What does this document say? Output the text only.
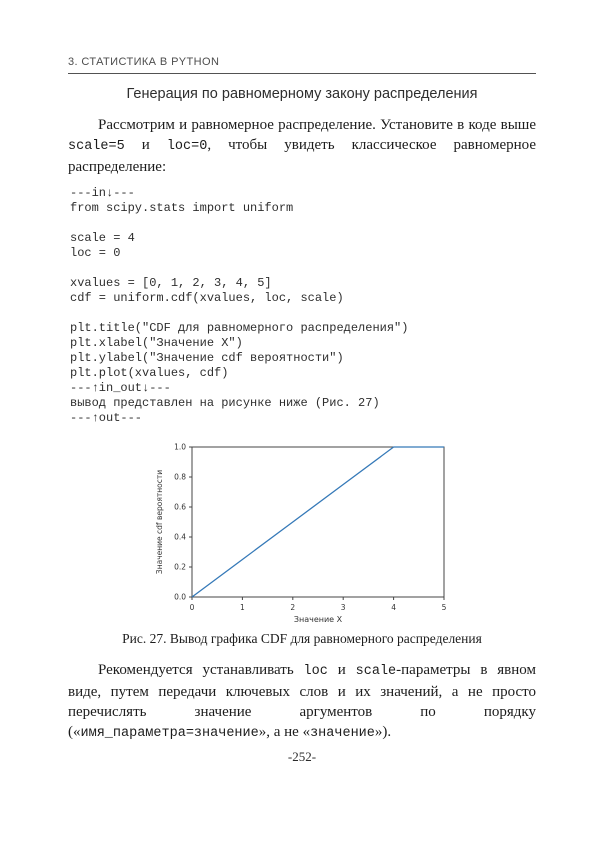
3. СТАТИСТИКА В PYTHON
Генерация по равномерному закону распределения

Рассмотрим и равномерное распределение. Установите в коде выше scale=5 и loc=0, чтобы увидеть классическое равномерное распределение:

---in↓---
from scipy.stats import uniform

scale = 4
loc = 0

xvalues = [0, 1, 2, 3, 4, 5]
cdf = uniform.cdf(xvalues, loc, scale)

plt.title("CDF для равномерного распределения")
plt.xlabel("Значение X")
plt.ylabel("Значение cdf вероятности")
plt.plot(xvalues, cdf)
---↑in_out↓---
вывод представлен на рисунке ниже (Рис. 27)
---↑out---
0	1	2	3	4	5
0.0
0.2
0.4
0.6
0.8
1.0
Значение X
Значение cdf вероятности
Рис. 27. Вывод графика CDF для равномерного распределения

Рекомендуется устанавливать loc и scale-параметры в явном виде, путем передачи ключевых слов и их значений, а не просто перечислять значение аргументов по порядку («имя_параметра=значение», а не «значение»).

-252-
